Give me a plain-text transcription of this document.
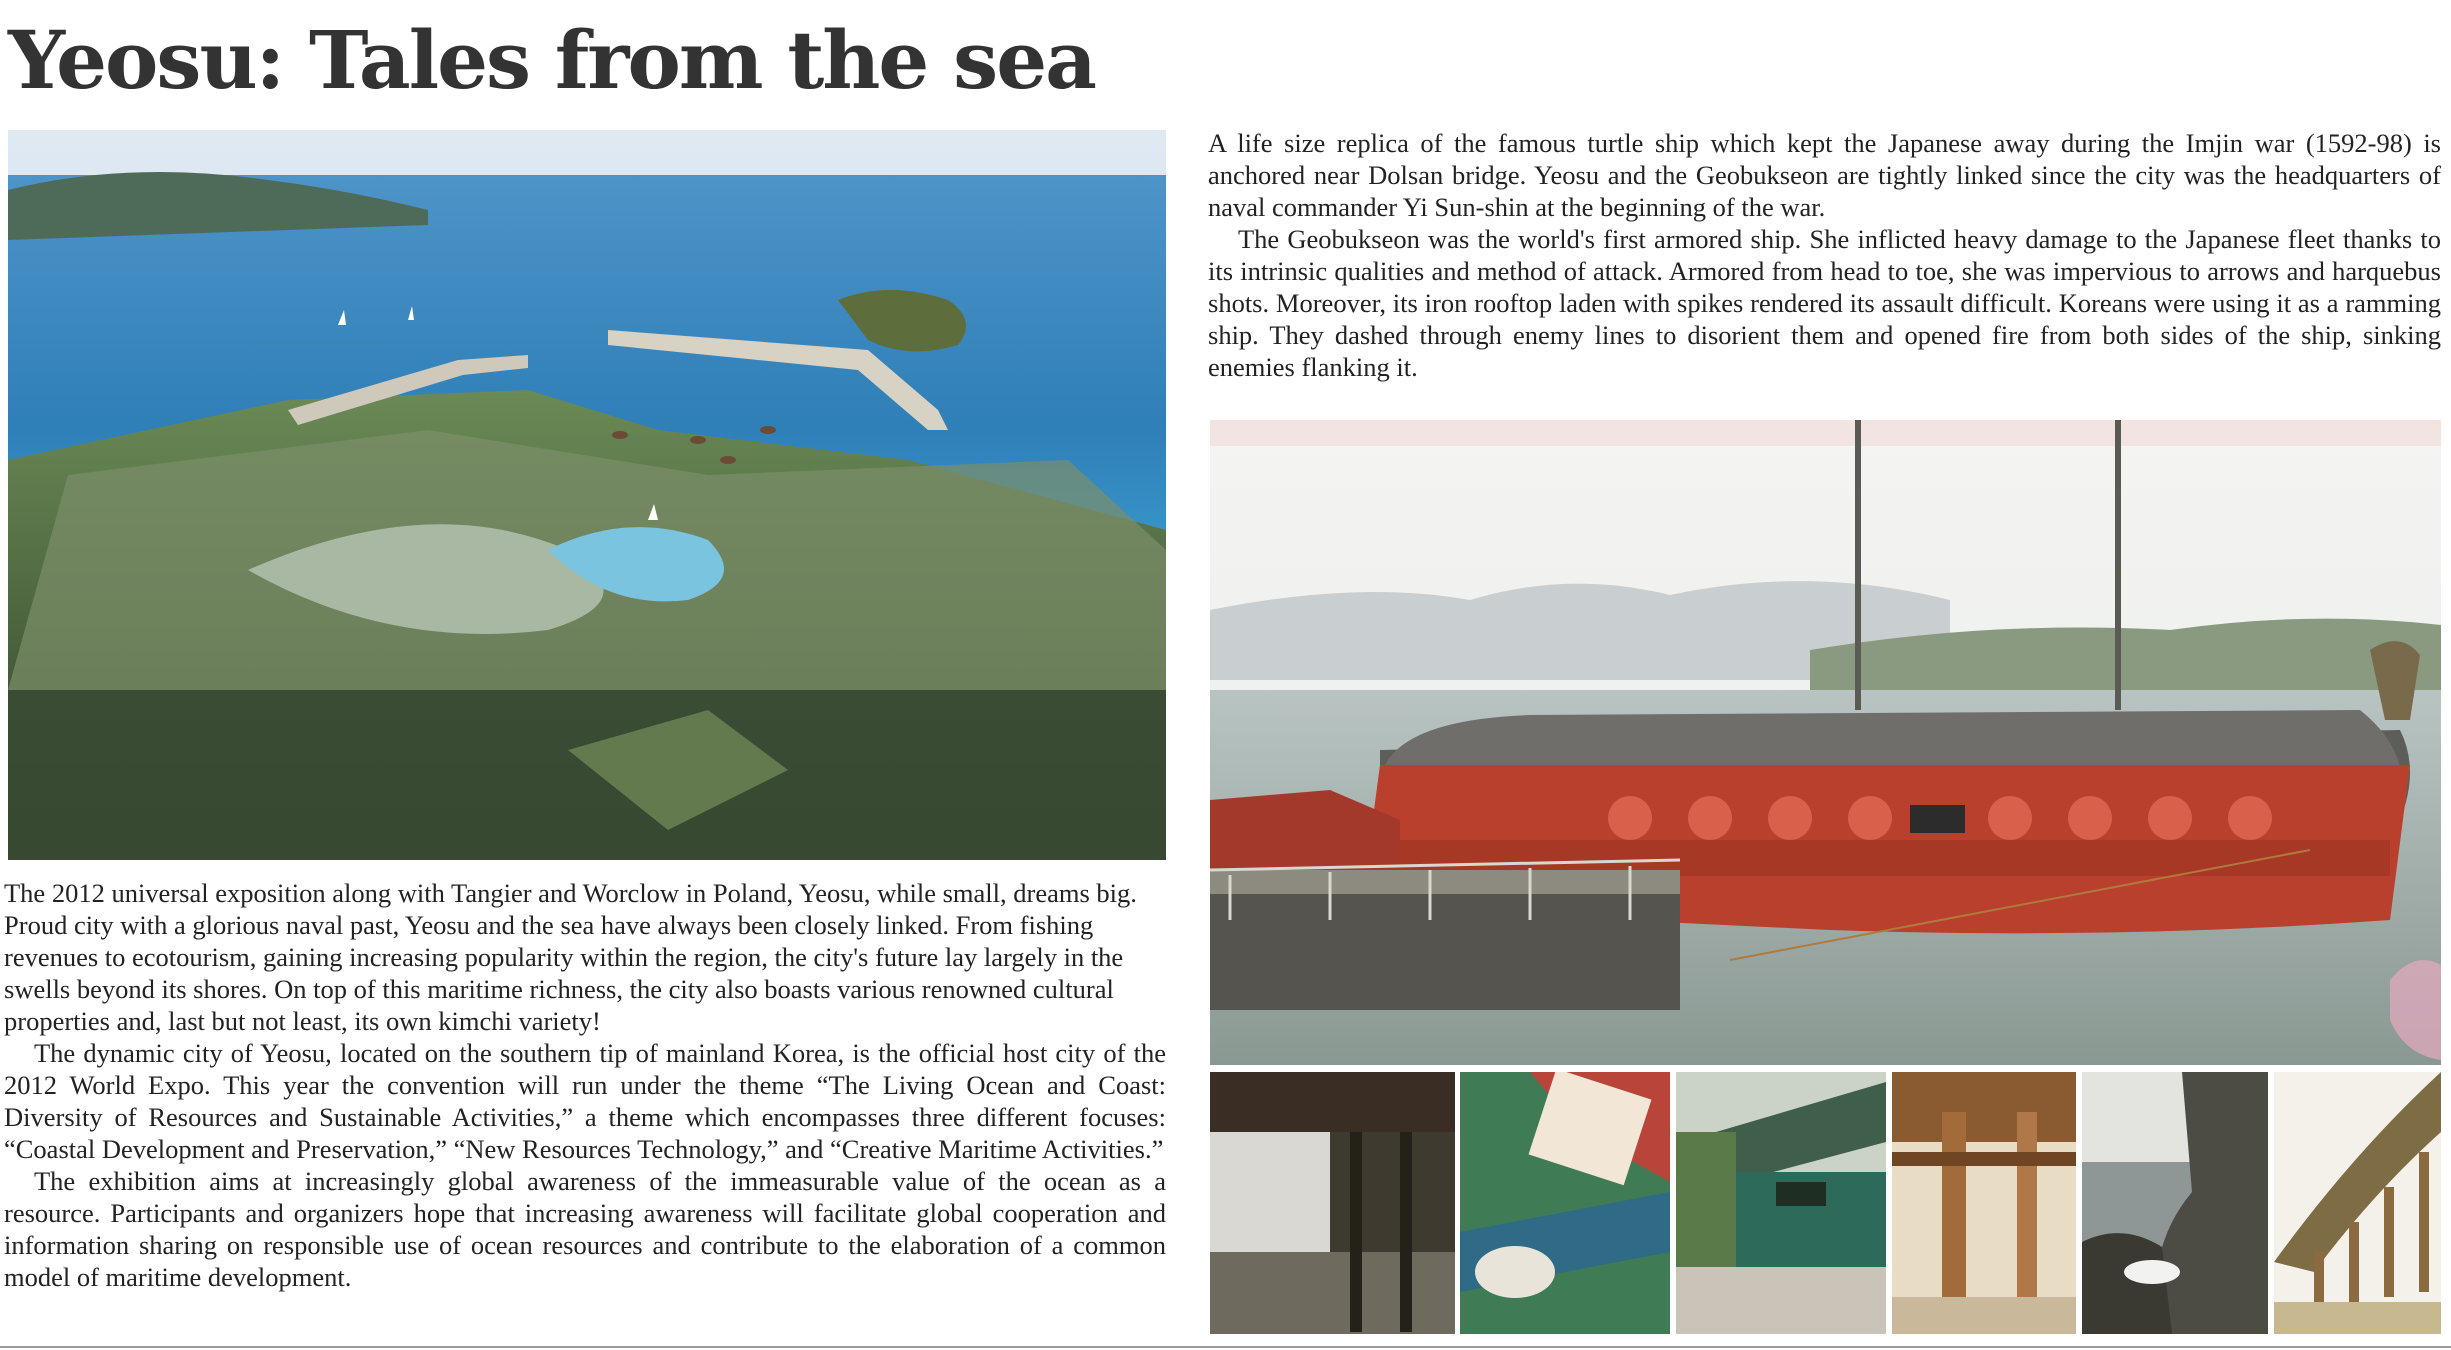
Yeosu: Tales from the sea

The 2012 universal exposition along with Tangier and Worclow in Poland, Yeosu, while small, dreams big. Proud city with a glorious naval past, Yeosu and the sea have always been closely linked. From fishing revenues to ecotourism, gaining increasing popularity within the region, the city's future lay largely in the swells beyond its shores. On top of this maritime richness, the city also boasts various renowned cultural properties and, last but not least, its own kimchi variety!

The dynamic city of Yeosu, located on the southern tip of mainland Korea, is the official host city of the 2012 World Expo. This year the convention will run under the theme “The Living Ocean and Coast: Diversity of Resources and Sustainable Activities,” a theme which encompasses three different focuses: “Coastal Development and Preservation,” “New Resources Technology,” and “Creative Maritime Activities.”

The exhibition aims at increasingly global awareness of the immeasurable value of the ocean as a resource. Participants and organizers hope that increasing awareness will facilitate global cooperation and information sharing on responsible use of ocean resources and contribute to the elaboration of a common model of maritime development.

A life size replica of the famous turtle ship which kept the Japanese away during the Imjin war (1592-98) is anchored near Dolsan bridge. Yeosu and the Geobukseon are tightly linked since the city was the headquarters of naval commander Yi Sun-shin at the beginning of the war.

The Geobukseon was the world's first armored ship. She inflicted heavy damage to the Japanese fleet thanks to its intrinsic qualities and method of attack. Armored from head to toe, she was impervious to arrows and harquebus shots. Moreover, its iron rooftop laden with spikes rendered its assault difficult. Koreans were using it as a ramming ship. They dashed through enemy lines to disorient them and opened fire from both sides of the ship, sinking enemies flanking it.
